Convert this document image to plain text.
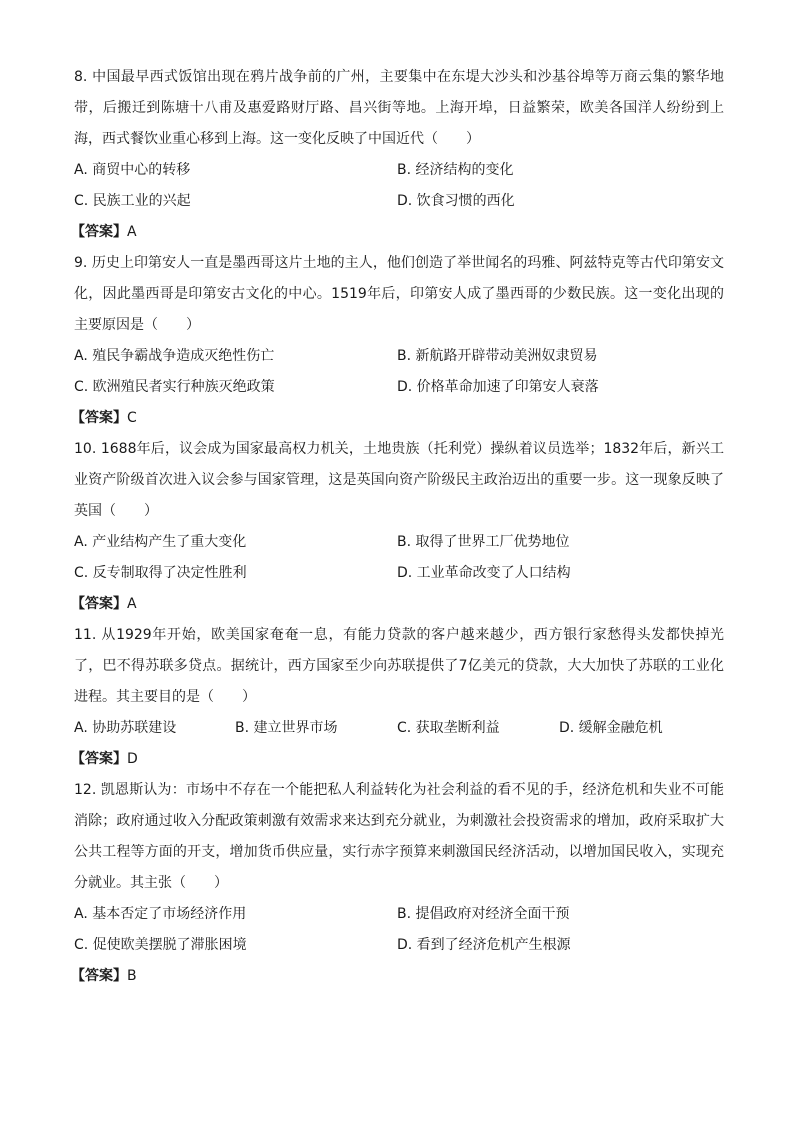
8. 中国最早西式饭馆出现在鸦片战争前的广州，主要集中在东堤大沙头和沙基谷埠等万商云集的繁华地带，后搬迁到陈塘十八甫及惠爱路财厅路、昌兴街等地。上海开埠，日益繁荣，欧美各国洋人纷纷到上海，西式餐饮业重心移到上海。这一变化反映了中国近代（　　）

A. 商贸中心的转移	B. 经济结构的变化
C. 民族工业的兴起	D. 饮食习惯的西化
【答案】A

9. 历史上印第安人一直是墨西哥这片土地的主人，他们创造了举世闻名的玛雅、阿兹特克等古代印第安文化，因此墨西哥是印第安古文化的中心。1519年后，印第安人成了墨西哥的少数民族。这一变化出现的主要原因是（　　）

A. 殖民争霸战争造成灭绝性伤亡	B. 新航路开辟带动美洲奴隶贸易
C. 欧洲殖民者实行种族灭绝政策	D. 价格革命加速了印第安人衰落
【答案】C

10. 1688年后，议会成为国家最高权力机关，土地贵族（托利党）操纵着议员选举；1832年后，新兴工业资产阶级首次进入议会参与国家管理，这是英国向资产阶级民主政治迈出的重要一步。这一现象反映了英国（　　）

A. 产业结构产生了重大变化	B. 取得了世界工厂优势地位
C. 反专制取得了决定性胜利	D. 工业革命改变了人口结构
【答案】A

11. 从1929年开始，欧美国家奄奄一息，有能力贷款的客户越来越少，西方银行家愁得头发都快掉光了，巴不得苏联多贷点。据统计，西方国家至少向苏联提供了7亿美元的贷款，大大加快了苏联的工业化进程。其主要目的是（　　）

A. 协助苏联建设	B. 建立世界市场	C. 获取垄断利益	D. 缓解金融危机
【答案】D

12. 凯恩斯认为：市场中不存在一个能把私人利益转化为社会利益的看不见的手，经济危机和失业不可能消除；政府通过收入分配政策刺激有效需求来达到充分就业，为刺激社会投资需求的增加，政府采取扩大公共工程等方面的开支，增加货币供应量，实行赤字预算来刺激国民经济活动，以增加国民收入，实现充分就业。其主张（　　）

A. 基本否定了市场经济作用	B. 提倡政府对经济全面干预
C. 促使欧美摆脱了滞胀困境	D. 看到了经济危机产生根源
【答案】B
